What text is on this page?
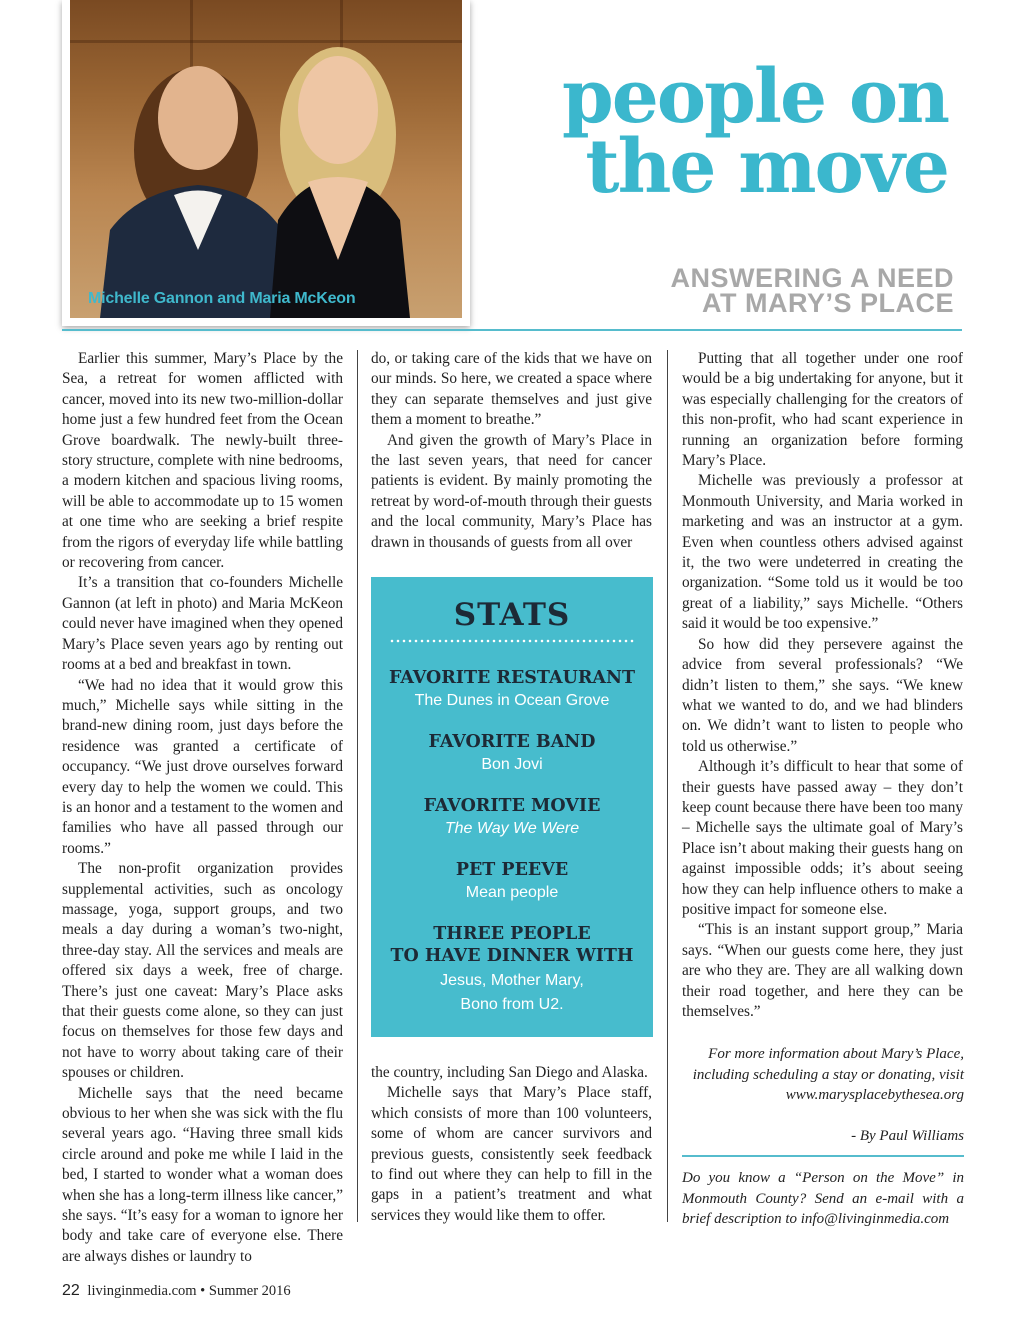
Michelle Gannon and Maria McKeon
people on
the move
ANSWERING A NEED
AT MARY’S PLACE

Earlier this summer, Mary’s Place by the Sea, a retreat for women afflicted with cancer, moved into its new two-million-dollar home just a few hundred feet from the Ocean Grove boardwalk. The newly-built three-story structure, complete with nine bedrooms, a modern kitchen and spacious living rooms, will be able to accommodate up to 15 women at one time who are seeking a brief respite from the rigors of everyday life while battling or recovering from cancer.

It’s a transition that co-founders Michelle Gannon (at left in photo) and Maria McKeon could never have imagined when they opened Mary’s Place seven years ago by renting out rooms at a bed and breakfast in town.

“We had no idea that it would grow this much,” Michelle says while sitting in the brand-new dining room, just days before the residence was granted a certificate of occupancy. “We just drove ourselves forward every day to help the women we could. This is an honor and a testament to the women and families who have all passed through our rooms.”

The non-profit organization provides supplemental activities, such as oncology massage, yoga, support groups, and two meals a day during a woman’s two-night, three-day stay. All the services and meals are offered six days a week, free of charge. There’s just one caveat: Mary’s Place asks that their guests come alone, so they can just focus on themselves for those few days and not have to worry about taking care of their spouses or children.

Michelle says that the need became obvious to her when she was sick with the flu several years ago. “Having three small kids circle around and poke me while I laid in the bed, I started to wonder what a woman does when she has a long-term illness like cancer,” she says. “It’s easy for a woman to ignore her body and take care of everyone else. There are always dishes or laundry to

do, or taking care of the kids that we have on our minds. So here, we created a space where they can separate themselves and just give them a moment to breathe.”

And given the growth of Mary’s Place in the last seven years, that need for cancer patients is evident. By mainly promoting the retreat by word-of-mouth through their guests and the local community, Mary’s Place has drawn in thousands of guests from all over

STATS
FAVORITE RESTAURANT
The Dunes in Ocean Grove
FAVORITE BAND
Bon Jovi
FAVORITE MOVIE
The Way We Were
PET PEEVE
Mean people
THREE PEOPLE
TO HAVE DINNER WITH
Jesus, Mother Mary,
Bono from U2.

the country, including San Diego and Alaska.

Michelle says that Mary’s Place staff, which consists of more than 100 volunteers, some of whom are cancer survivors and previous guests, consistently seek feedback to find out where they can help to fill in the gaps in a patient’s treatment and what services they would like them to offer.

Putting that all together under one roof would be a big undertaking for anyone, but it was especially challenging for the creators of this non-profit, who had scant experience in running an organization before forming Mary’s Place.

Michelle was previously a professor at Monmouth University, and Maria worked in marketing and was an instructor at a gym. Even when countless others advised against it, the two were undeterred in creating the organization. “Some told us it would be too great of a liability,” says Michelle. “Others said it would be too expensive.”

So how did they persevere against the advice from several professionals? “We didn’t listen to them,” she says. “We knew what we wanted to do, and we had blinders on. We didn’t want to listen to people who told us otherwise.”

Although it’s difficult to hear that some of their guests have passed away – they don’t keep count because there have been too many – Michelle says the ultimate goal of Mary’s Place isn’t about making their guests hang on against impossible odds; it’s about seeing how they can help influence others to make a positive impact for someone else.

“This is an instant support group,” Maria says. “When our guests come here, they just are who they are. They are all walking down their road together, and here they can be themselves.”

For more information about Mary’s Place, including scheduling a stay or donating, visit www.marysplacebythesea.org
- By Paul Williams
Do you know a “Person on the Move” in Monmouth County? Send an e-mail with a brief description to info@livinginmedia.com
22 livinginmedia.com • Summer 2016
